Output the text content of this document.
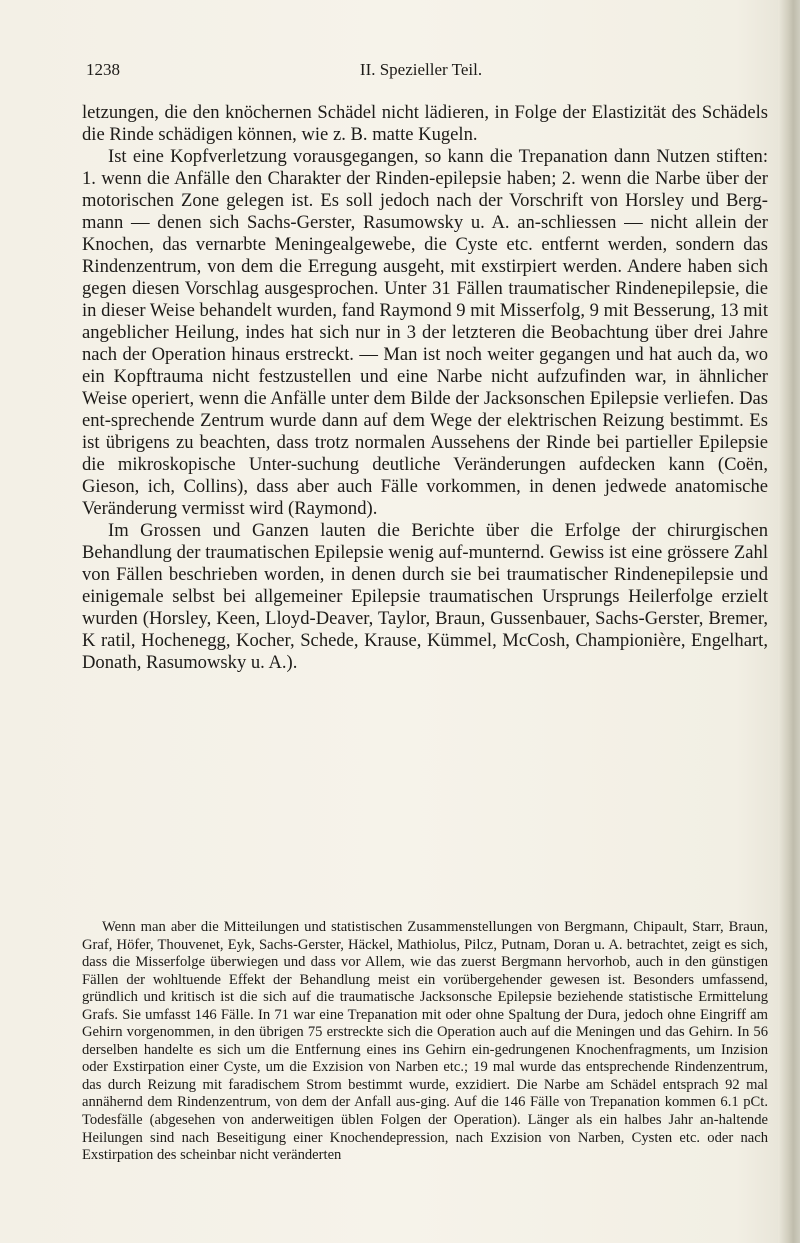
1238	II. Spezieller Teil.

letzungen, die den knöchernen Schädel nicht lädieren, in Folge der Elastizität des Schädels die Rinde schädigen können, wie z. B. matte Kugeln.

Ist eine Kopfverletzung vorausgegangen, so kann die Trepanation dann Nutzen stiften: 1. wenn die Anfälle den Charakter der Rinden-epilepsie haben; 2. wenn die Narbe über der motorischen Zone gelegen ist. Es soll jedoch nach der Vorschrift von Horsley und Berg-mann — denen sich Sachs-Gerster, Rasumowsky u. A. an-schliessen — nicht allein der Knochen, das vernarbte Meningealgewebe, die Cyste etc. entfernt werden, sondern das Rindenzentrum, von dem die Erregung ausgeht, mit exstirpiert werden. Andere haben sich gegen diesen Vorschlag ausgesprochen. Unter 31 Fällen traumatischer Rindenepilepsie, die in dieser Weise behandelt wurden, fand Raymond 9 mit Misserfolg, 9 mit Besserung, 13 mit angeblicher Heilung, indes hat sich nur in 3 der letzteren die Beobachtung über drei Jahre nach der Operation hinaus erstreckt. — Man ist noch weiter gegangen und hat auch da, wo ein Kopftrauma nicht festzustellen und eine Narbe nicht aufzufinden war, in ähnlicher Weise operiert, wenn die Anfälle unter dem Bilde der Jacksonschen Epilepsie verliefen. Das ent-sprechende Zentrum wurde dann auf dem Wege der elektrischen Reizung bestimmt. Es ist übrigens zu beachten, dass trotz normalen Aussehens der Rinde bei partieller Epilepsie die mikroskopische Unter-suchung deutliche Veränderungen aufdecken kann (Coën, Gieson, ich, Collins), dass aber auch Fälle vorkommen, in denen jedwede anatomische Veränderung vermisst wird (Raymond).

Im Grossen und Ganzen lauten die Berichte über die Erfolge der chirurgischen Behandlung der traumatischen Epilepsie wenig auf-munternd. Gewiss ist eine grössere Zahl von Fällen beschrieben worden, in denen durch sie bei traumatischer Rindenepilepsie und einigemale selbst bei allgemeiner Epilepsie traumatischen Ursprungs Heilerfolge erzielt wurden (Horsley, Keen, Lloyd-Deaver, Taylor, Braun, Gussenbauer, Sachs-Gerster, Bremer, K ratil, Hochenegg, Kocher, Schede, Krause, Kümmel, McCosh, Championière, Engelhart, Donath, Rasumowsky u. A.).

Wenn man aber die Mitteilungen und statistischen Zusammenstellungen von Bergmann, Chipault, Starr, Braun, Graf, Höfer, Thouvenet, Eyk, Sachs-Gerster, Häckel, Mathiolus, Pilcz, Putnam, Doran u. A. betrachtet, zeigt es sich, dass die Misserfolge überwiegen und dass vor Allem, wie das zuerst Bergmann hervorhob, auch in den günstigen Fällen der wohltuende Effekt der Behandlung meist ein vorübergehender gewesen ist. Besonders umfassend, gründlich und kritisch ist die sich auf die traumatische Jacksonsche Epilepsie beziehende statistische Ermittelung Grafs. Sie umfasst 146 Fälle. In 71 war eine Trepanation mit oder ohne Spaltung der Dura, jedoch ohne Eingriff am Gehirn vorgenommen, in den übrigen 75 erstreckte sich die Operation auch auf die Meningen und das Gehirn. In 56 derselben handelte es sich um die Entfernung eines ins Gehirn ein-gedrungenen Knochenfragments, um Inzision oder Exstirpation einer Cyste, um die Exzision von Narben etc.; 19 mal wurde das entsprechende Rindenzentrum, das durch Reizung mit faradischem Strom bestimmt wurde, exzidiert. Die Narbe am Schädel entsprach 92 mal annähernd dem Rindenzentrum, von dem der Anfall aus-ging. Auf die 146 Fälle von Trepanation kommen 6.1 pCt. Todesfälle (abgesehen von anderweitigen üblen Folgen der Operation). Länger als ein halbes Jahr an-haltende Heilungen sind nach Beseitigung einer Knochendepression, nach Exzision von Narben, Cysten etc. oder nach Exstirpation des scheinbar nicht veränderten
